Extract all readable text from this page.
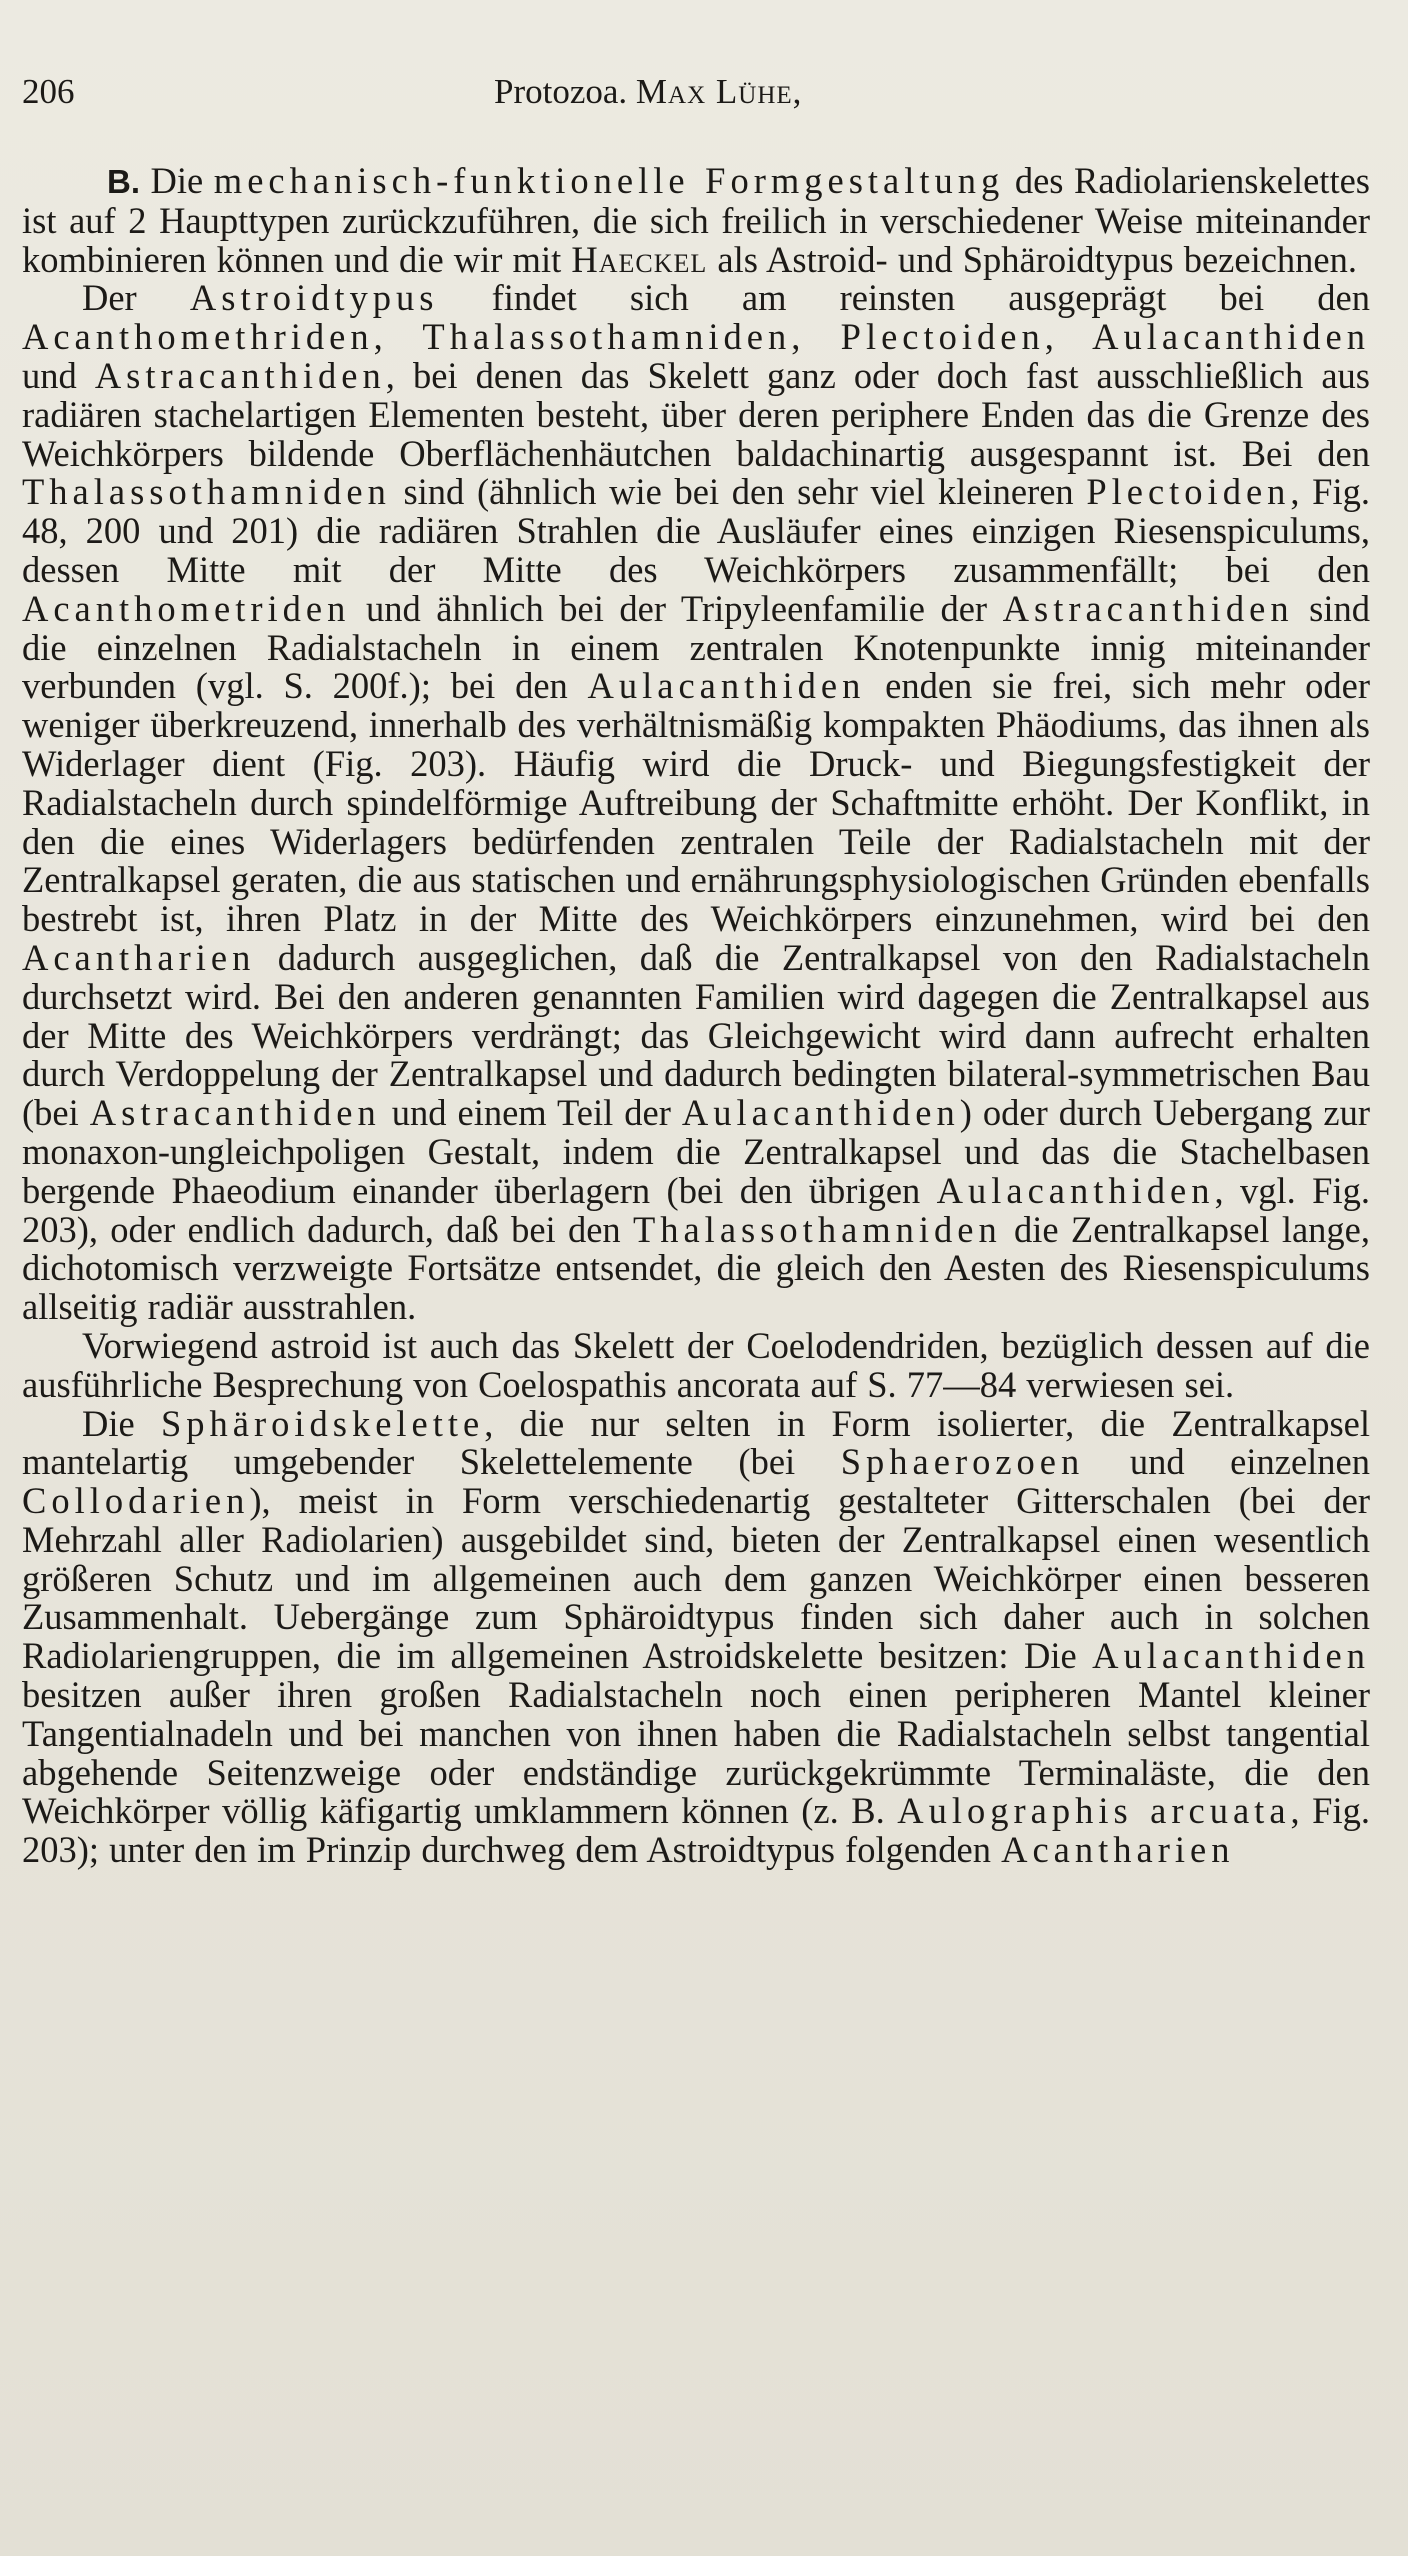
206	Protozoa. Max Lühe,

B. Die mechanisch-funktionelle Formgestaltung des Radiolarienskelettes ist auf 2 Haupttypen zurückzuführen, die sich freilich in verschiedener Weise miteinander kombinieren können und die wir mit Haeckel als Astroid- und Sphäroidtypus bezeichnen.

Der Astroidtypus findet sich am reinsten ausgeprägt bei den Acanthomethriden, Thalassothamniden, Plectoiden, Aulacanthiden und Astracanthiden, bei denen das Skelett ganz oder doch fast ausschließlich aus radiären stachelartigen Elementen besteht, über deren periphere Enden das die Grenze des Weichkörpers bildende Oberflächenhäutchen baldachinartig ausgespannt ist. Bei den Thalassothamniden sind (ähnlich wie bei den sehr viel kleineren Plectoiden, Fig. 48, 200 und 201) die radiären Strahlen die Ausläufer eines einzigen Riesenspiculums, dessen Mitte mit der Mitte des Weichkörpers zusammenfällt; bei den Acanthometriden und ähnlich bei der Tripyleenfamilie der Astracanthiden sind die einzelnen Radialstacheln in einem zentralen Knotenpunkte innig miteinander verbunden (vgl. S. 200f.); bei den Aulacanthiden enden sie frei, sich mehr oder weniger überkreuzend, innerhalb des verhältnismäßig kompakten Phäodiums, das ihnen als Widerlager dient (Fig. 203). Häufig wird die Druck- und Biegungsfestigkeit der Radialstacheln durch spindelförmige Auftreibung der Schaftmitte erhöht. Der Konflikt, in den die eines Widerlagers bedürfenden zentralen Teile der Radialstacheln mit der Zentralkapsel geraten, die aus statischen und ernährungsphysiologischen Gründen ebenfalls bestrebt ist, ihren Platz in der Mitte des Weichkörpers einzunehmen, wird bei den Acantharien dadurch ausgeglichen, daß die Zentralkapsel von den Radialstacheln durchsetzt wird. Bei den anderen genannten Familien wird dagegen die Zentralkapsel aus der Mitte des Weichkörpers verdrängt; das Gleichgewicht wird dann aufrecht erhalten durch Verdoppelung der Zentralkapsel und dadurch bedingten bilateral-symmetrischen Bau (bei Astracanthiden und einem Teil der Aulacanthiden) oder durch Uebergang zur monaxon-ungleichpoligen Gestalt, indem die Zentralkapsel und das die Stachelbasen bergende Phaeodium einander überlagern (bei den übrigen Aulacanthiden, vgl. Fig. 203), oder endlich dadurch, daß bei den Thalassothamniden die Zentralkapsel lange, dichotomisch verzweigte Fortsätze entsendet, die gleich den Aesten des Riesenspiculums allseitig radiär ausstrahlen.

Vorwiegend astroid ist auch das Skelett der Coelodendriden, bezüglich dessen auf die ausführliche Besprechung von Coelospathis ancorata auf S. 77—84 verwiesen sei.

Die Sphäroidskelette, die nur selten in Form isolierter, die Zentralkapsel mantelartig umgebender Skelettelemente (bei Sphaerozoen und einzelnen Collodarien), meist in Form verschiedenartig gestalteter Gitterschalen (bei der Mehrzahl aller Radiolarien) ausgebildet sind, bieten der Zentralkapsel einen wesentlich größeren Schutz und im allgemeinen auch dem ganzen Weichkörper einen besseren Zusammenhalt. Uebergänge zum Sphäroidtypus finden sich daher auch in solchen Radiolariengruppen, die im allgemeinen Astroidskelette besitzen: Die Aulacanthiden besitzen außer ihren großen Radialstacheln noch einen peripheren Mantel kleiner Tangentialnadeln und bei manchen von ihnen haben die Radialstacheln selbst tangential abgehende Seitenzweige oder endständige zurückgekrümmte Terminaläste, die den Weichkörper völlig käfigartig umklammern können (z. B. Aulographis arcuata, Fig. 203); unter den im Prinzip durchweg dem Astroidtypus folgenden Acantharien
